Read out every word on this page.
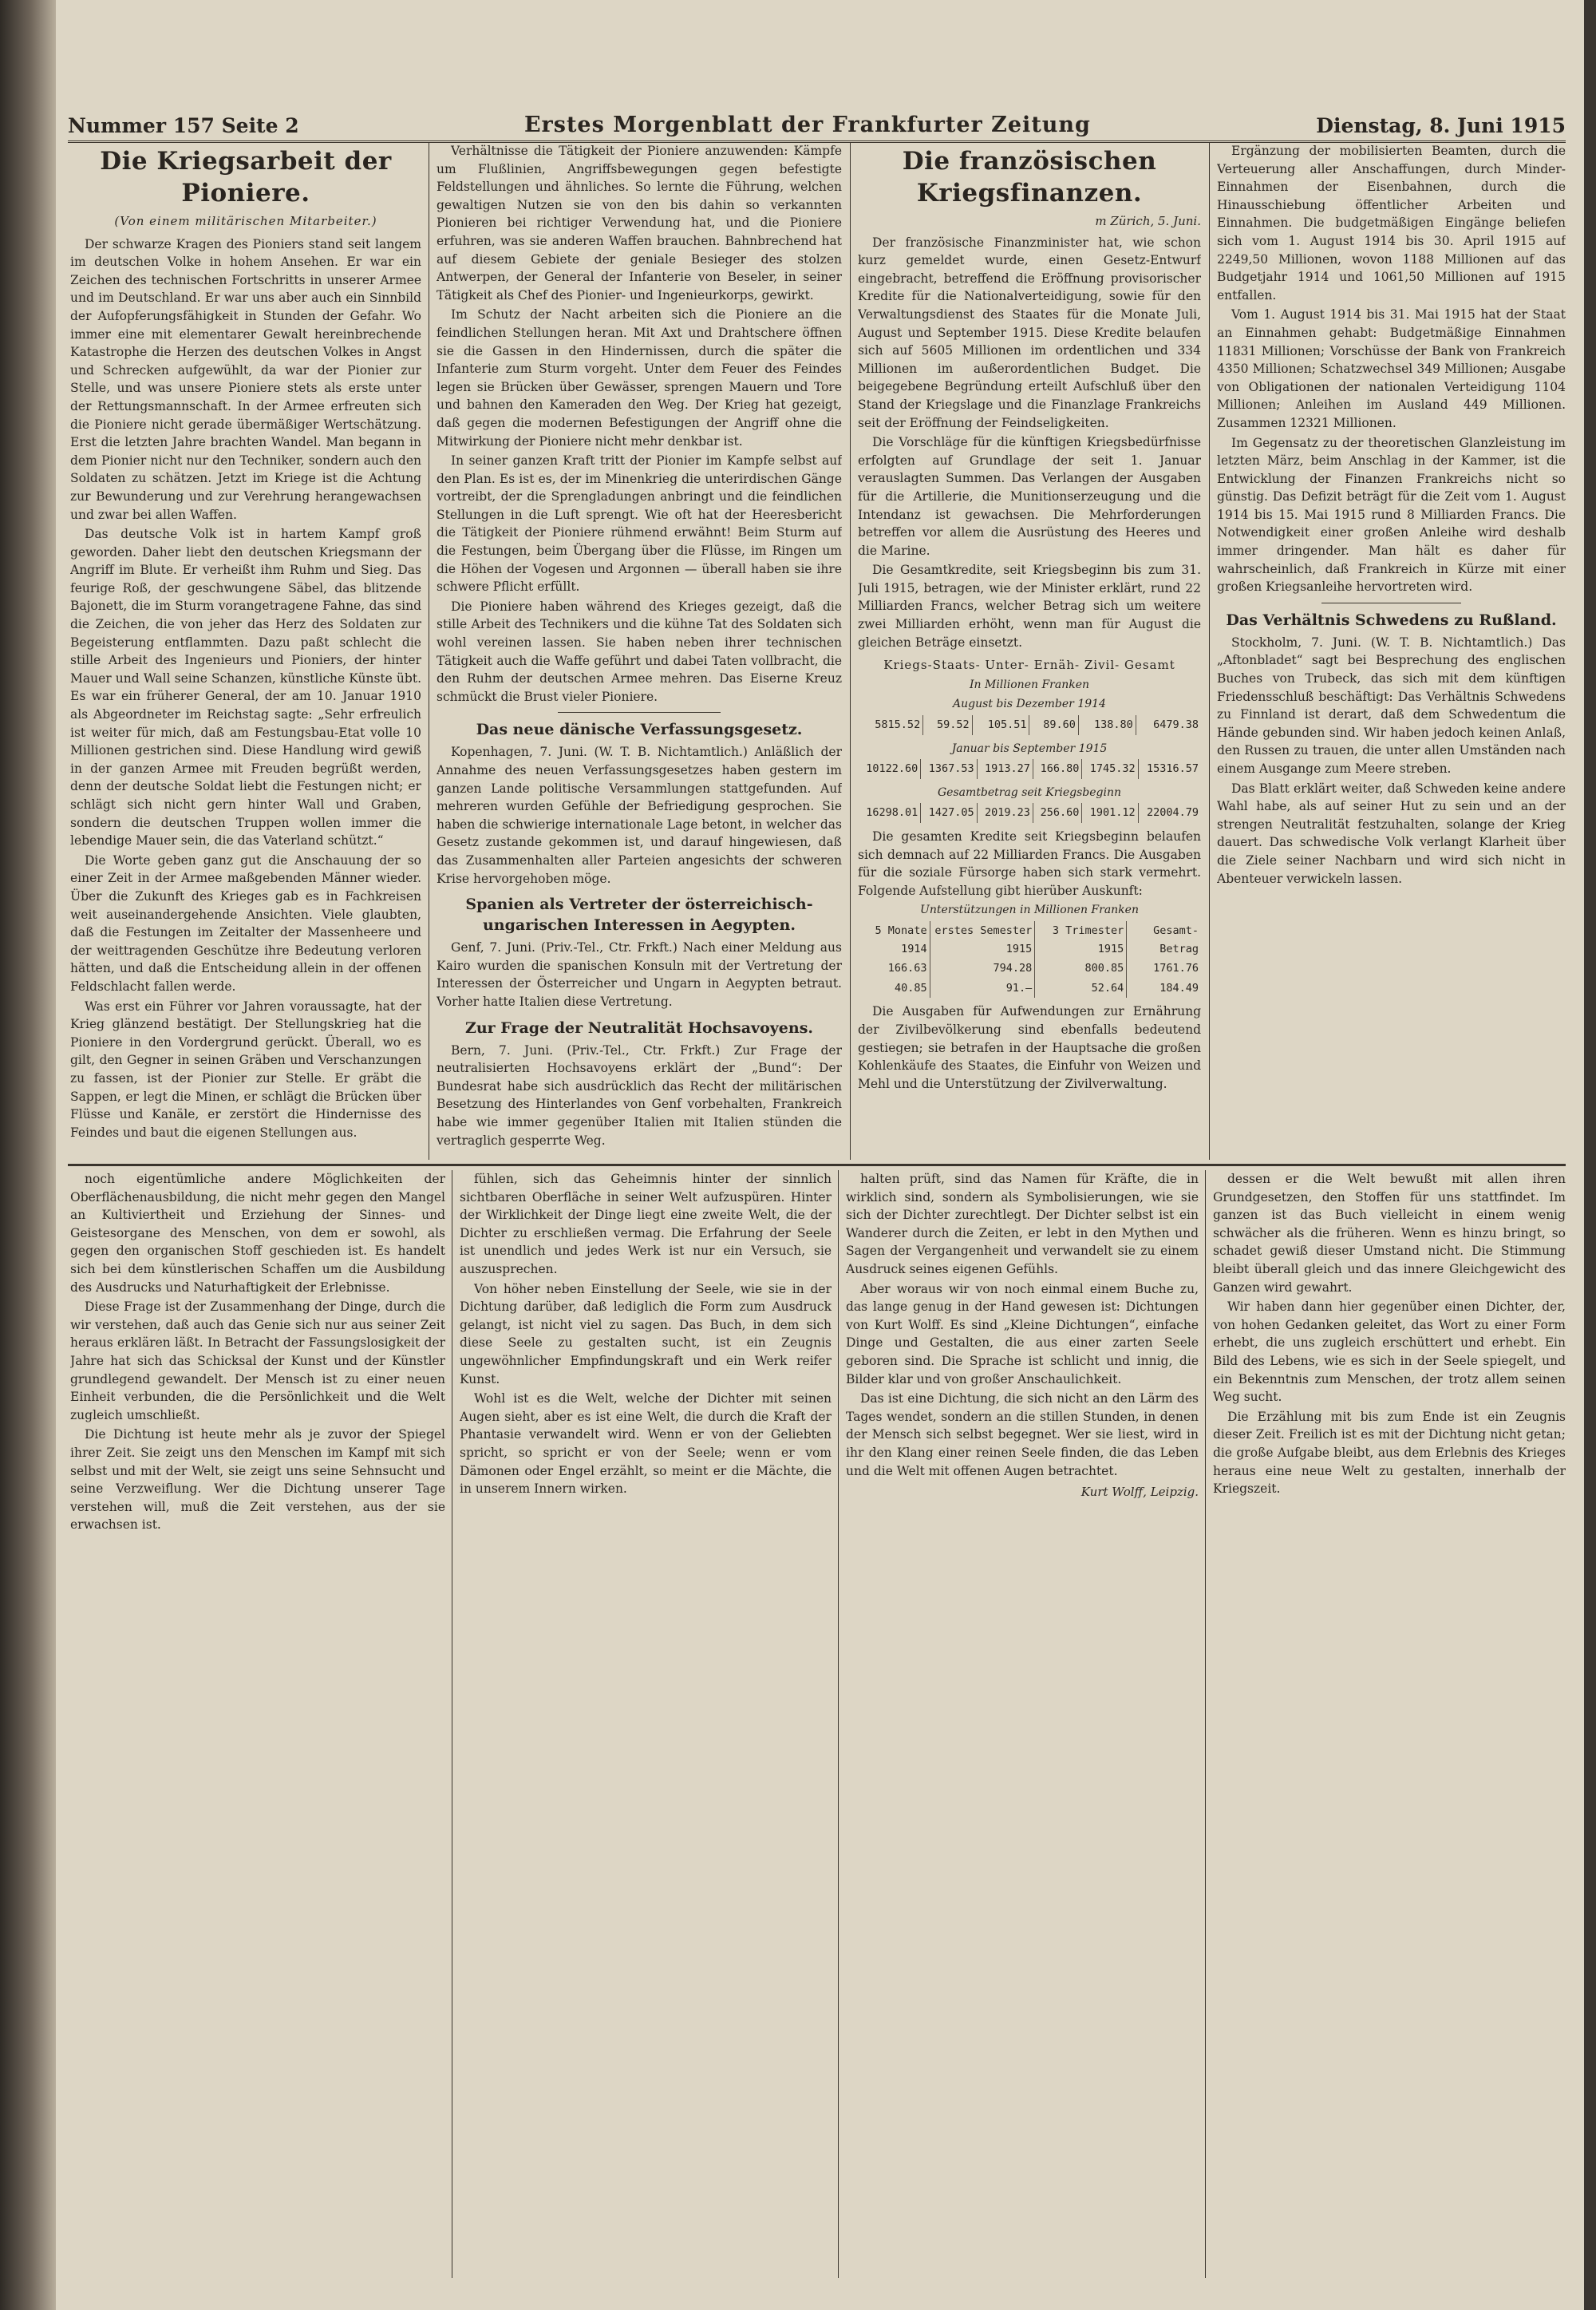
Nummer 157 Seite 2	Erstes Morgenblatt der Frankfurter Zeitung	Dienstag, 8. Juni 1915
Die Kriegsarbeit der Pioniere.
(Von einem militärischen Mitarbeiter.)

Der schwarze Kragen des Pioniers stand seit langem im deutschen Volke in hohem Ansehen. Er war ein Zeichen des technischen Fortschritts in unserer Armee und im Deutschland. Er war uns aber auch ein Sinnbild der Aufopferungsfähigkeit in Stunden der Gefahr. Wo immer eine mit elementarer Gewalt hereinbrechende Katastrophe die Herzen des deutschen Volkes in Angst und Schrecken aufgewühlt, da war der Pionier zur Stelle, und was unsere Pioniere stets als erste unter der Rettungsmannschaft. In der Armee erfreuten sich die Pioniere nicht gerade übermäßiger Wertschätzung. Erst die letzten Jahre brachten Wandel. Man begann in dem Pionier nicht nur den Techniker, sondern auch den Soldaten zu schätzen. Jetzt im Kriege ist die Achtung zur Bewunderung und zur Verehrung herangewachsen und zwar bei allen Waffen.

Das deutsche Volk ist in hartem Kampf groß geworden. Daher liebt den deutschen Kriegsmann der Angriff im Blute. Er verheißt ihm Ruhm und Sieg. Das feurige Roß, der geschwungene Säbel, das blitzende Bajonett, die im Sturm vorangetragene Fahne, das sind die Zeichen, die von jeher das Herz des Soldaten zur Begeisterung entflammten. Dazu paßt schlecht die stille Arbeit des Ingenieurs und Pioniers, der hinter Mauer und Wall seine Schanzen, künstliche Künste übt. Es war ein früherer General, der am 10. Januar 1910 als Abgeordneter im Reichstag sagte: „Sehr erfreulich ist weiter für mich, daß am Festungsbau-Etat volle 10 Millionen gestrichen sind. Diese Handlung wird gewiß in der ganzen Armee mit Freuden begrüßt werden, denn der deutsche Soldat liebt die Festungen nicht; er schlägt sich nicht gern hinter Wall und Graben, sondern die deutschen Truppen wollen immer die lebendige Mauer sein, die das Vaterland schützt.“

Die Worte geben ganz gut die Anschauung der so einer Zeit in der Armee maßgebenden Männer wieder. Über die Zukunft des Krieges gab es in Fachkreisen weit auseinandergehende Ansichten. Viele glaubten, daß die Festungen im Zeitalter der Massenheere und der weittragenden Geschütze ihre Bedeutung verloren hätten, und daß die Entscheidung allein in der offenen Feldschlacht fallen werde.

Was erst ein Führer vor Jahren voraussagte, hat der Krieg glänzend bestätigt. Der Stellungskrieg hat die Pioniere in den Vordergrund gerückt. Überall, wo es gilt, den Gegner in seinen Gräben und Verschanzungen zu fassen, ist der Pionier zur Stelle. Er gräbt die Sappen, er legt die Minen, er schlägt die Brücken über Flüsse und Kanäle, er zerstört die Hindernisse des Feindes und baut die eigenen Stellungen aus.

Verhältnisse die Tätigkeit der Pioniere anzuwenden: Kämpfe um Flußlinien, Angriffsbewegungen gegen befestigte Feldstellungen und ähnliches. So lernte die Führung, welchen gewaltigen Nutzen sie von den bis dahin so verkannten Pionieren bei richtiger Verwendung hat, und die Pioniere erfuhren, was sie anderen Waffen brauchen. Bahnbrechend hat auf diesem Gebiete der geniale Besieger des stolzen Antwerpen, der General der Infanterie von Beseler, in seiner Tätigkeit als Chef des Pionier- und Ingenieurkorps, gewirkt.

Im Schutz der Nacht arbeiten sich die Pioniere an die feindlichen Stellungen heran. Mit Axt und Drahtschere öffnen sie die Gassen in den Hindernissen, durch die später die Infanterie zum Sturm vorgeht. Unter dem Feuer des Feindes legen sie Brücken über Gewässer, sprengen Mauern und Tore und bahnen den Kameraden den Weg. Der Krieg hat gezeigt, daß gegen die modernen Befestigungen der Angriff ohne die Mitwirkung der Pioniere nicht mehr denkbar ist.

In seiner ganzen Kraft tritt der Pionier im Kampfe selbst auf den Plan. Es ist es, der im Minenkrieg die unterirdischen Gänge vortreibt, der die Sprengladungen anbringt und die feindlichen Stellungen in die Luft sprengt. Wie oft hat der Heeresbericht die Tätigkeit der Pioniere rühmend erwähnt! Beim Sturm auf die Festungen, beim Übergang über die Flüsse, im Ringen um die Höhen der Vogesen und Argonnen — überall haben sie ihre schwere Pflicht erfüllt.

Die Pioniere haben während des Krieges gezeigt, daß die stille Arbeit des Technikers und die kühne Tat des Soldaten sich wohl vereinen lassen. Sie haben neben ihrer technischen Tätigkeit auch die Waffe geführt und dabei Taten vollbracht, die den Ruhm der deutschen Armee mehren. Das Eiserne Kreuz schmückt die Brust vieler Pioniere.

Das neue dänische Verfassungsgesetz.

Kopenhagen, 7. Juni. (W. T. B. Nichtamtlich.) Anläßlich der Annahme des neuen Verfassungsgesetzes haben gestern im ganzen Lande politische Versammlungen stattgefunden. Auf mehreren wurden Gefühle der Befriedigung gesprochen. Sie haben die schwierige internationale Lage betont, in welcher das Gesetz zustande gekommen ist, und darauf hingewiesen, daß das Zusammenhalten aller Parteien angesichts der schweren Krise hervorgehoben möge.

Spanien als Vertreter der österreichisch-ungarischen Interessen in Aegypten.

Genf, 7. Juni. (Priv.-Tel., Ctr. Frkft.) Nach einer Meldung aus Kairo wurden die spanischen Konsuln mit der Vertretung der Interessen der Österreicher und Ungarn in Aegypten betraut. Vorher hatte Italien diese Vertretung.

Zur Frage der Neutralität Hochsavoyens.

Bern, 7. Juni. (Priv.-Tel., Ctr. Frkft.) Zur Frage der neutralisierten Hochsavoyens erklärt der „Bund“: Der Bundesrat habe sich ausdrücklich das Recht der militärischen Besetzung des Hinterlandes von Genf vorbehalten, Frankreich habe wie immer gegenüber Italien mit Italien stünden die vertraglich gesperrte Weg.

Die französischen Kriegsfinanzen.
m Zürich, 5. Juni.

Der französische Finanzminister hat, wie schon kurz gemeldet wurde, einen Gesetz-Entwurf eingebracht, betreffend die Eröffnung provisorischer Kredite für die Nationalverteidigung, sowie für den Verwaltungsdienst des Staates für die Monate Juli, August und September 1915. Diese Kredite belaufen sich auf 5605 Millionen im ordentlichen und 334 Millionen im außerordentlichen Budget. Die beigegebene Begründung erteilt Aufschluß über den Stand der Kriegslage und die Finanzlage Frankreichs seit der Eröffnung der Feindseligkeiten.

Die Vorschläge für die künftigen Kriegsbedürfnisse erfolgten auf Grundlage der seit 1. Januar verauslagten Summen. Das Verlangen der Ausgaben für die Artillerie, die Munitionserzeugung und die Intendanz ist gewachsen. Die Mehrforderungen betreffen vor allem die Ausrüstung des Heeres und die Marine.

Die Gesamtkredite, seit Kriegsbeginn bis zum 31. Juli 1915, betragen, wie der Minister erklärt, rund 22 Milliarden Francs, welcher Betrag sich um weitere zwei Milliarden erhöht, wenn man für August die gleichen Beträge einsetzt.

Kriegs-Staats- Unter- Ernäh- Zivil- Gesamt
In Millionen Franken
August bis Dezember 1914
5815.52	59.52	105.51	89.60	138.80	6479.38
Januar bis September 1915
10122.60	1367.53	1913.27	166.80	1745.32	15316.57
Gesamtbetrag seit Kriegsbeginn
16298.01	1427.05	2019.23	256.60	1901.12	22004.79

Die gesamten Kredite seit Kriegsbeginn belaufen sich demnach auf 22 Milliarden Francs. Die Ausgaben für die soziale Fürsorge haben sich stark vermehrt. Folgende Aufstellung gibt hierüber Auskunft:

Unterstützungen in Millionen Franken
5 Monate 1914	erstes Semester 1915	3 Trimester 1915	Gesamt-Betrag
166.63	794.28	800.85	1761.76
40.85	91.–	52.64	184.49

Die Ausgaben für Aufwendungen zur Ernährung der Zivilbevölkerung sind ebenfalls bedeutend gestiegen; sie betrafen in der Hauptsache die großen Kohlenkäufe des Staates, die Einfuhr von Weizen und Mehl und die Unterstützung der Zivilverwaltung.

Ergänzung der mobilisierten Beamten, durch die Verteuerung aller Anschaffungen, durch Minder-Einnahmen der Eisenbahnen, durch die Hinausschiebung öffentlicher Arbeiten und Einnahmen. Die budgetmäßigen Eingänge beliefen sich vom 1. August 1914 bis 30. April 1915 auf 2249,50 Millionen, wovon 1188 Millionen auf das Budgetjahr 1914 und 1061,50 Millionen auf 1915 entfallen.

Vom 1. August 1914 bis 31. Mai 1915 hat der Staat an Einnahmen gehabt: Budgetmäßige Einnahmen 11831 Millionen; Vorschüsse der Bank von Frankreich 4350 Millionen; Schatzwechsel 349 Millionen; Ausgabe von Obligationen der nationalen Verteidigung 1104 Millionen; Anleihen im Ausland 449 Millionen. Zusammen 12321 Millionen.

Im Gegensatz zu der theoretischen Glanzleistung im letzten März, beim Anschlag in der Kammer, ist die Entwicklung der Finanzen Frankreichs nicht so günstig. Das Defizit beträgt für die Zeit vom 1. August 1914 bis 15. Mai 1915 rund 8 Milliarden Francs. Die Notwendigkeit einer großen Anleihe wird deshalb immer dringender. Man hält es daher für wahrscheinlich, daß Frankreich in Kürze mit einer großen Kriegsanleihe hervortreten wird.

Das Verhältnis Schwedens zu Rußland.

Stockholm, 7. Juni. (W. T. B. Nichtamtlich.) Das „Aftonbladet“ sagt bei Besprechung des englischen Buches von Trubeck, das sich mit dem künftigen Friedensschluß beschäftigt: Das Verhältnis Schwedens zu Finnland ist derart, daß dem Schwedentum die Hände gebunden sind. Wir haben jedoch keinen Anlaß, den Russen zu trauen, die unter allen Umständen nach einem Ausgange zum Meere streben.

Das Blatt erklärt weiter, daß Schweden keine andere Wahl habe, als auf seiner Hut zu sein und an der strengen Neutralität festzuhalten, solange der Krieg dauert. Das schwedische Volk verlangt Klarheit über die Ziele seiner Nachbarn und wird sich nicht in Abenteuer verwickeln lassen.

noch eigentümliche andere Möglichkeiten der Oberflächenausbildung, die nicht mehr gegen den Mangel an Kultiviertheit und Erziehung der Sinnes- und Geistesorgane des Menschen, von dem er sowohl, als gegen den organischen Stoff geschieden ist. Es handelt sich bei dem künstlerischen Schaffen um die Ausbildung des Ausdrucks und Naturhaftigkeit der Erlebnisse.

Diese Frage ist der Zusammenhang der Dinge, durch die wir verstehen, daß auch das Genie sich nur aus seiner Zeit heraus erklären läßt. In Betracht der Fassungslosigkeit der Jahre hat sich das Schicksal der Kunst und der Künstler grundlegend gewandelt. Der Mensch ist zu einer neuen Einheit verbunden, die die Persönlichkeit und die Welt zugleich umschließt.

Die Dichtung ist heute mehr als je zuvor der Spiegel ihrer Zeit. Sie zeigt uns den Menschen im Kampf mit sich selbst und mit der Welt, sie zeigt uns seine Sehnsucht und seine Verzweiflung. Wer die Dichtung unserer Tage verstehen will, muß die Zeit verstehen, aus der sie erwachsen ist.

fühlen, sich das Geheimnis hinter der sinnlich sichtbaren Oberfläche in seiner Welt aufzuspüren. Hinter der Wirklichkeit der Dinge liegt eine zweite Welt, die der Dichter zu erschließen vermag. Die Erfahrung der Seele ist unendlich und jedes Werk ist nur ein Versuch, sie auszusprechen.

Von höher neben Einstellung der Seele, wie sie in der Dichtung darüber, daß lediglich die Form zum Ausdruck gelangt, ist nicht viel zu sagen. Das Buch, in dem sich diese Seele zu gestalten sucht, ist ein Zeugnis ungewöhnlicher Empfindungskraft und ein Werk reifer Kunst.

Wohl ist es die Welt, welche der Dichter mit seinen Augen sieht, aber es ist eine Welt, die durch die Kraft der Phantasie verwandelt wird. Wenn er von der Geliebten spricht, so spricht er von der Seele; wenn er vom Dämonen oder Engel erzählt, so meint er die Mächte, die in unserem Innern wirken.

halten prüft, sind das Namen für Kräfte, die in wirklich sind, sondern als Symbolisierungen, wie sie sich der Dichter zurechtlegt. Der Dichter selbst ist ein Wanderer durch die Zeiten, er lebt in den Mythen und Sagen der Vergangenheit und verwandelt sie zu einem Ausdruck seines eigenen Gefühls.

Aber woraus wir von noch einmal einem Buche zu, das lange genug in der Hand gewesen ist: Dichtungen von Kurt Wolff. Es sind „Kleine Dichtungen“, einfache Dinge und Gestalten, die aus einer zarten Seele geboren sind. Die Sprache ist schlicht und innig, die Bilder klar und von großer Anschaulichkeit.

Das ist eine Dichtung, die sich nicht an den Lärm des Tages wendet, sondern an die stillen Stunden, in denen der Mensch sich selbst begegnet. Wer sie liest, wird in ihr den Klang einer reinen Seele finden, die das Leben und die Welt mit offenen Augen betrachtet.

Kurt Wolff, Leipzig.

dessen er die Welt bewußt mit allen ihren Grundgesetzen, den Stoffen für uns stattfindet. Im ganzen ist das Buch vielleicht in einem wenig schwächer als die früheren. Wenn es hinzu bringt, so schadet gewiß dieser Umstand nicht. Die Stimmung bleibt überall gleich und das innere Gleichgewicht des Ganzen wird gewahrt.

Wir haben dann hier gegenüber einen Dichter, der, von hohen Gedanken geleitet, das Wort zu einer Form erhebt, die uns zugleich erschüttert und erhebt. Ein Bild des Lebens, wie es sich in der Seele spiegelt, und ein Bekenntnis zum Menschen, der trotz allem seinen Weg sucht.

Die Erzählung mit bis zum Ende ist ein Zeugnis dieser Zeit. Freilich ist es mit der Dichtung nicht getan; die große Aufgabe bleibt, aus dem Erlebnis des Krieges heraus eine neue Welt zu gestalten, innerhalb der Kriegszeit.
